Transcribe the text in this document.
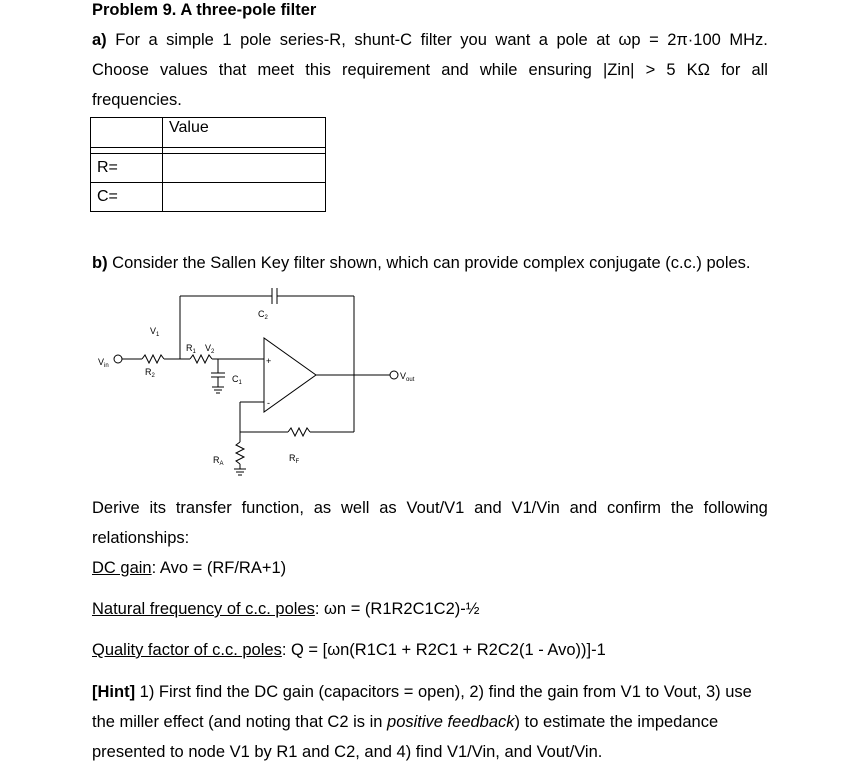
Problem 9. A three-pole filter
a) For a simple 1 pole series-R, shunt-C filter you want a pole at ωp = 2π·100 MHz.
Choose values that meet this requirement and while ensuring |Zin| > 5 KΩ for all
frequencies.
	Value

R=	
C=	
b) Consider the Sallen Key filter shown, which can provide complex conjugate (c.c.) poles.
$V_{in}$
$V_{out}$
$V_1$
$V_2$
$R_1$
$R_2$	$C_1$
$C_2$
$R_A$
$R_F$
+
-
Derive its transfer function, as well as Vout/V1 and V1/Vin and confirm the following
relationships:
DC gain: Avo = (RF/RA+1)
Natural frequency of c.c. poles: ωn = (R1R2C1C2)-½
Quality factor of c.c. poles: Q = [ωn(R1C1 + R2C1 + R2C2(1 - Avo))]-1
[Hint] 1) First find the DC gain (capacitors = open), 2) find the gain from V1 to Vout, 3) use
the miller effect (and noting that C2 is in positive feedback) to estimate the impedance
presented to node V1 by R1 and C2, and 4) find V1/Vin, and Vout/Vin.
